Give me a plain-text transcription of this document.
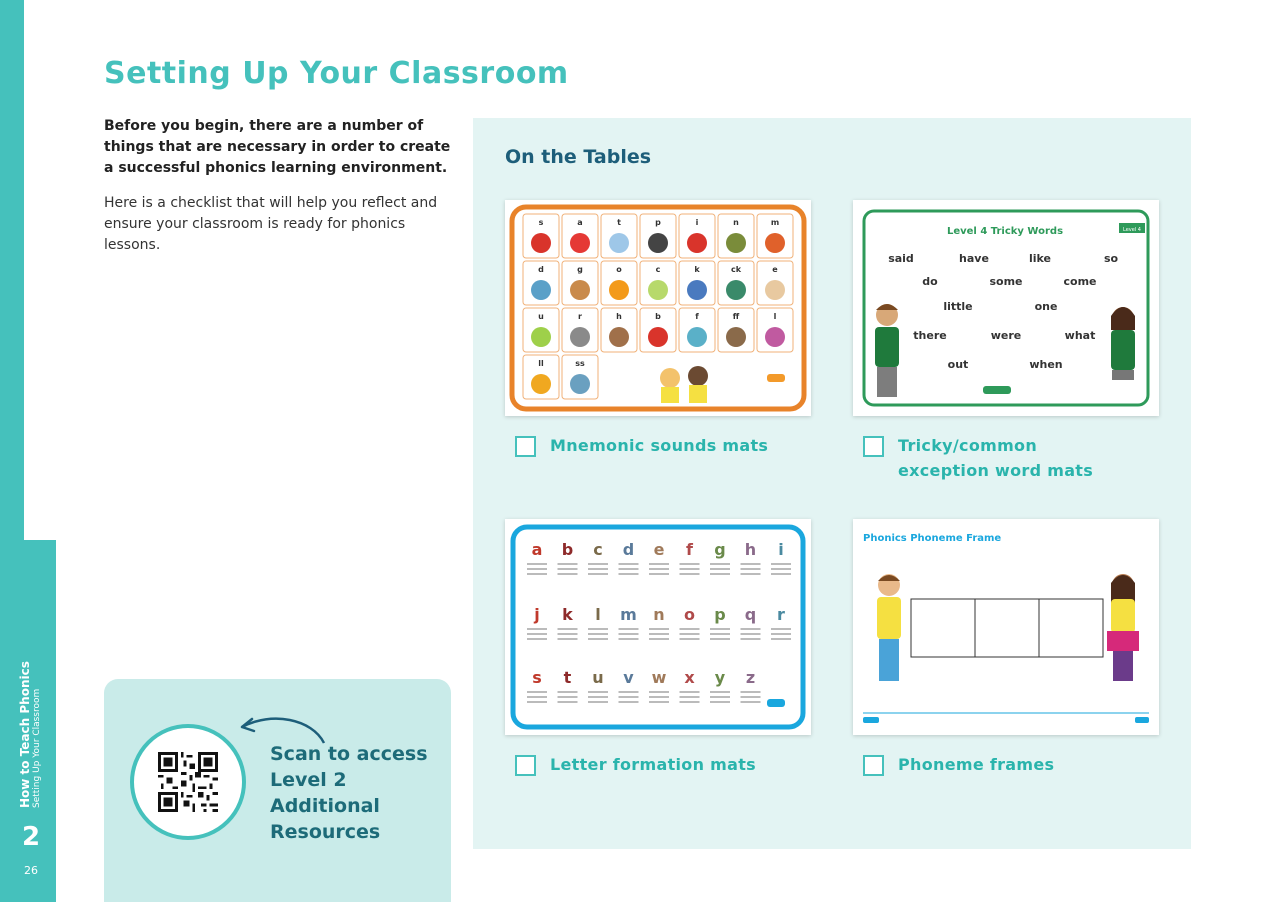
2
How to Teach Phonics Setting Up Your Classroom
26
Setting Up Your Classroom
Before you begin, there are a number of things that are necessary in order to create a successful phonics learning environment.
Here is a checklist that will help you reflect and ensure your classroom is ready for phonics lessons.
Scan to access Level 2 Additional Resources
On the Tables
s	a	t	p	i	n	m
d	g	o	c	k	ck	e
u	r	h	b	f	ff	l
ll	ss
Mnemonic sounds mats
Level 4 Tricky Words	Level 4
said	have	like	so
do	some	come
little	one
there	were	what
out	when
Tricky/common exception word mats
a b c d e f g h i
j k l m n o p q r
s t u v w x y z
Letter formation mats
Phonics Phoneme Frame
Phoneme frames
